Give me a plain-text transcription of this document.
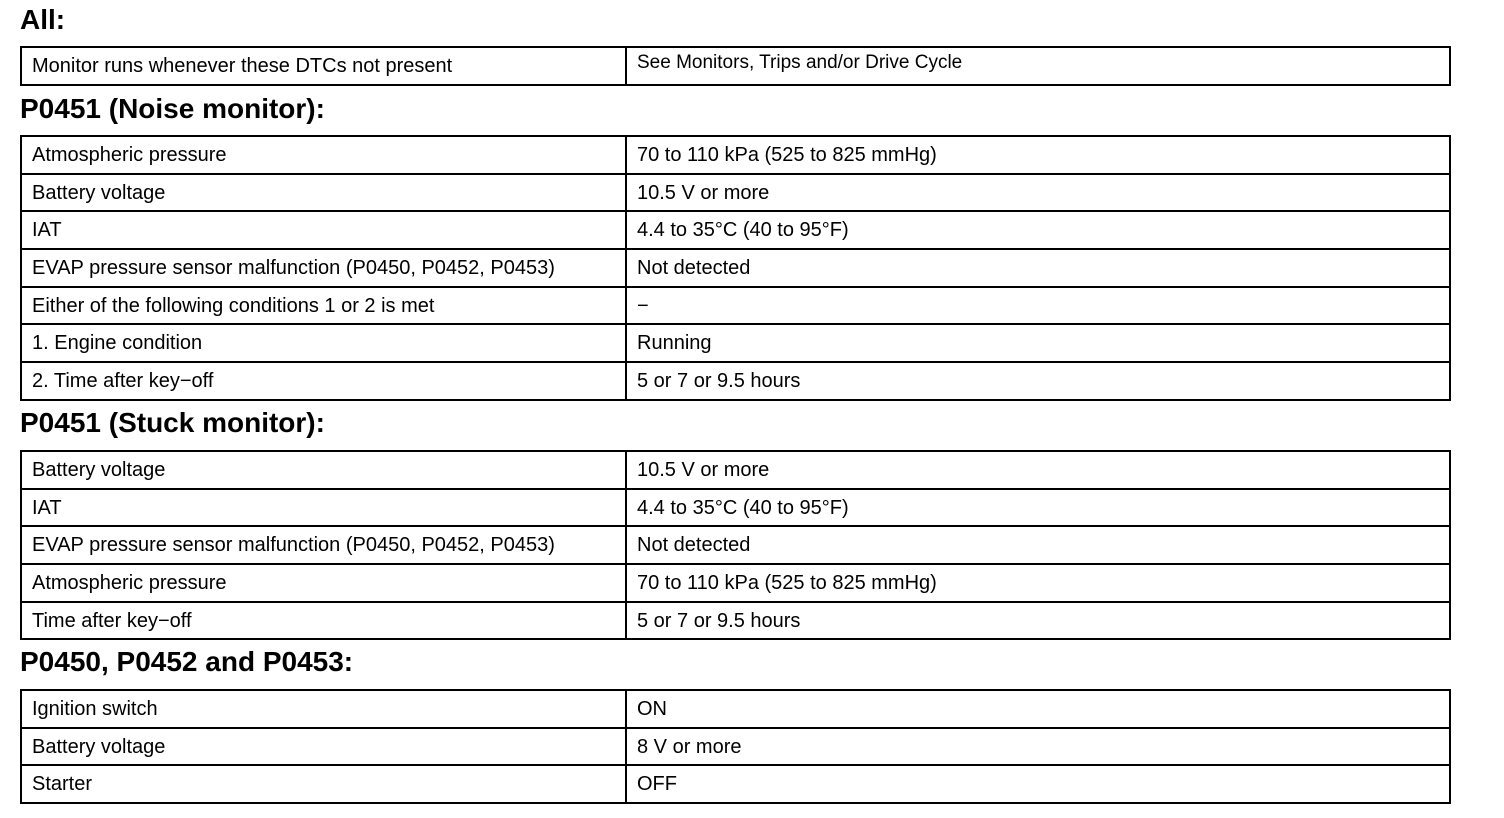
All:
Monitor runs whenever these DTCs not present	See Monitors, Trips and/or Drive Cycle
P0451 (Noise monitor):
Atmospheric pressure	70 to 110 kPa (525 to 825 mmHg)
Battery voltage	10.5 V or more
IAT	4.4 to 35°C (40 to 95°F)
EVAP pressure sensor malfunction (P0450, P0452, P0453)	Not detected
Either of the following conditions 1 or 2 is met	−
1. Engine condition	Running
2. Time after key−off	5 or 7 or 9.5 hours
P0451 (Stuck monitor):
Battery voltage	10.5 V or more
IAT	4.4 to 35°C (40 to 95°F)
EVAP pressure sensor malfunction (P0450, P0452, P0453)	Not detected
Atmospheric pressure	70 to 110 kPa (525 to 825 mmHg)
Time after key−off	5 or 7 or 9.5 hours
P0450, P0452 and P0453:
Ignition switch	ON
Battery voltage	8 V or more
Starter	OFF
